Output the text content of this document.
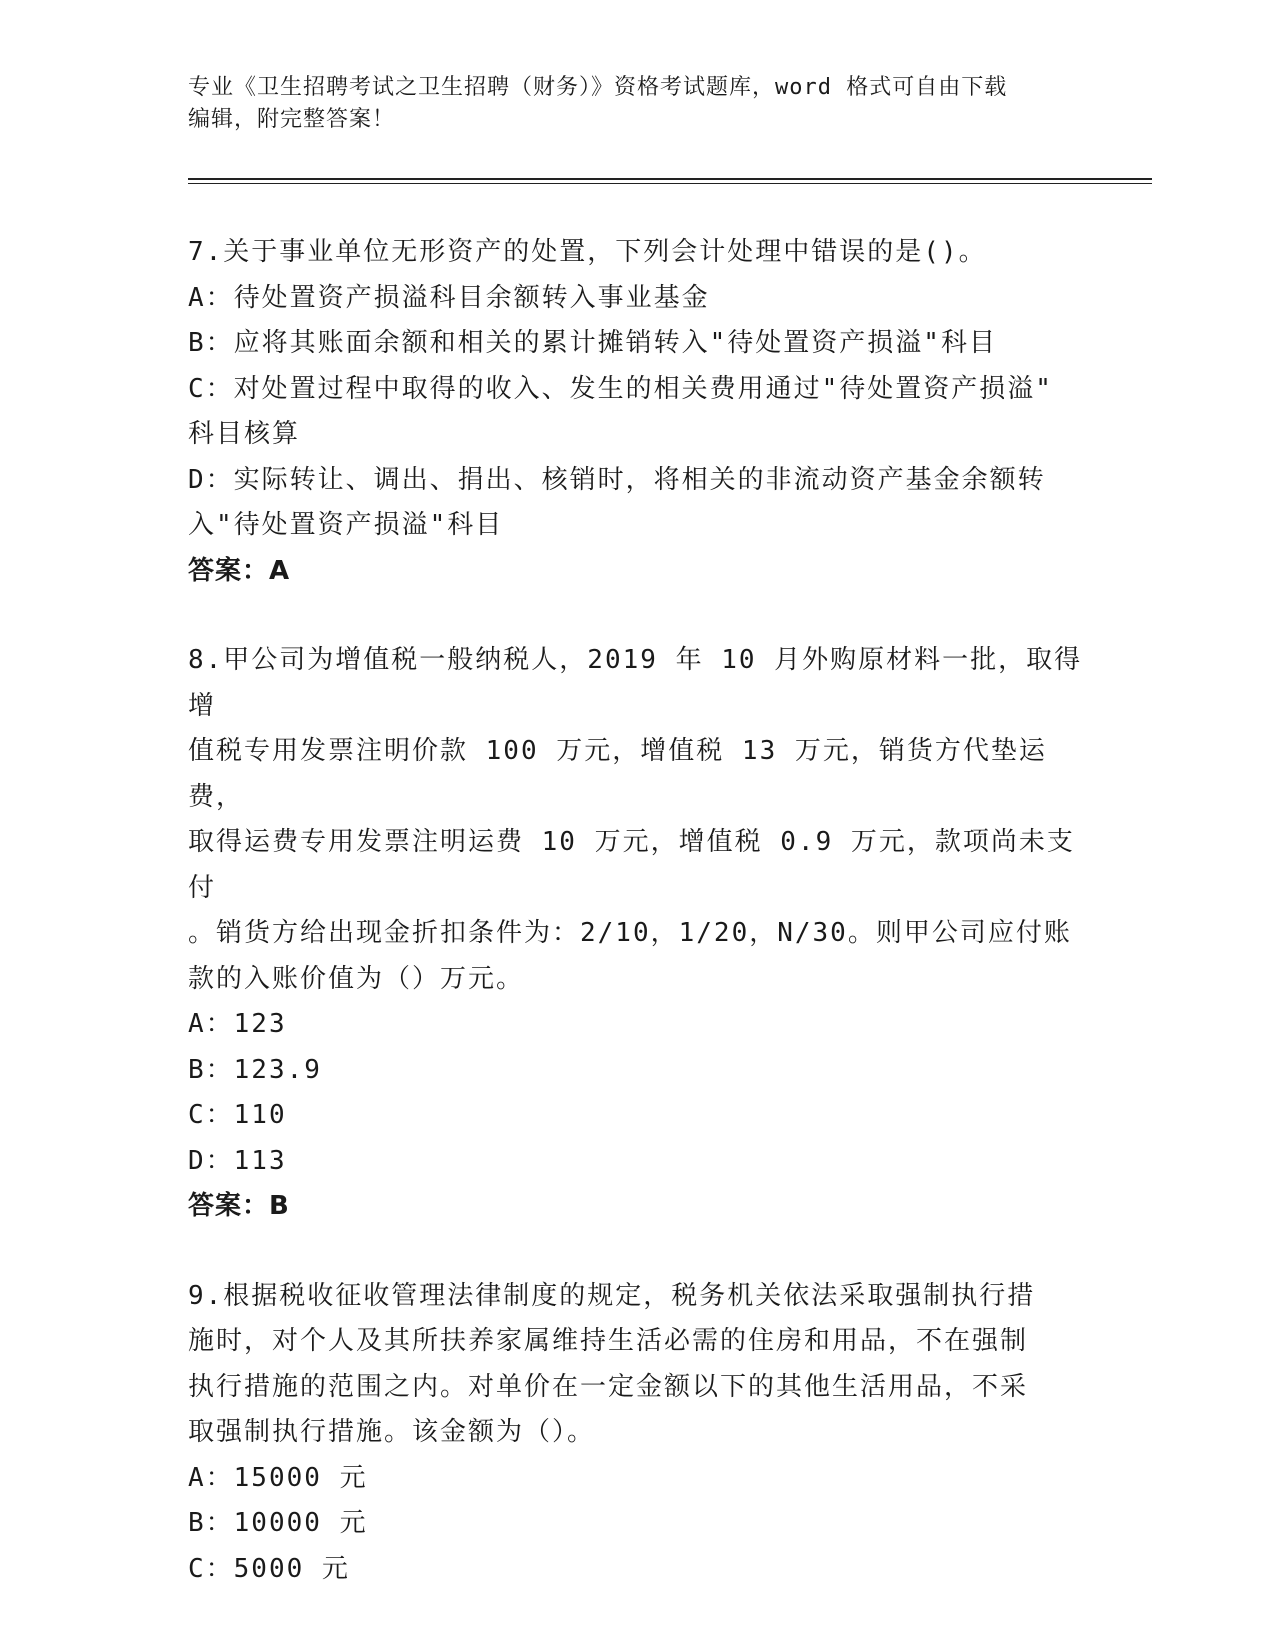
专业《卫生招聘考试之卫生招聘（财务）》资格考试题库，word 格式可自由下载
编辑，附完整答案！
7.关于事业单位无形资产的处置，下列会计处理中错误的是()。
A：待处置资产损溢科目余额转入事业基金
B：应将其账面余额和相关的累计摊销转入"待处置资产损溢"科目
C：对处置过程中取得的收入、发生的相关费用通过"待处置资产损溢"
科目核算
D：实际转让、调出、捐出、核销时，将相关的非流动资产基金余额转
入"待处置资产损溢"科目
答案：A
8.甲公司为增值税一般纳税人，2019 年 10 月外购原材料一批，取得增
值税专用发票注明价款 100 万元，增值税 13 万元，销货方代垫运费，
取得运费专用发票注明运费 10 万元，增值税 0.9 万元，款项尚未支付
。销货方给出现金折扣条件为：2/10，1/20，N/30。则甲公司应付账
款的入账价值为（）万元。
A：123
B：123.9
C：110
D：113
答案：B
9.根据税收征收管理法律制度的规定，税务机关依法采取强制执行措
施时，对个人及其所扶养家属维持生活必需的住房和用品，不在强制
执行措施的范围之内。对单价在一定金额以下的其他生活用品，不采
取强制执行措施。该金额为（）。
A：15000 元
B：10000 元
C：5000 元
